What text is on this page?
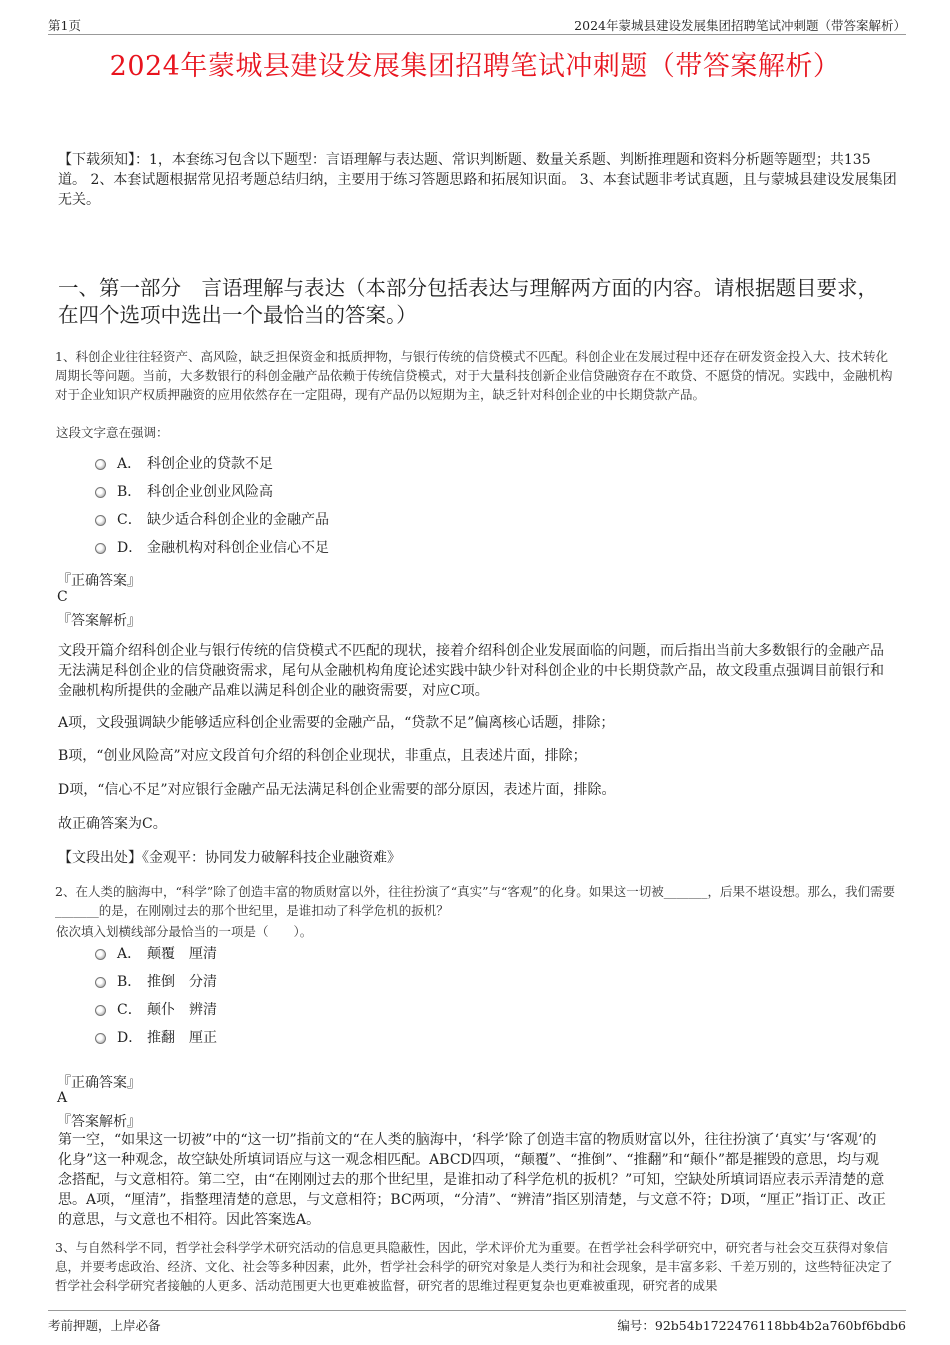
第1页	2024年蒙城县建设发展集团招聘笔试冲刺题（带答案解析）
2024年蒙城县建设发展集团招聘笔试冲刺题（带答案解析）

【下载须知】：1，本套练习包含以下题型：言语理解与表达题、常识判断题、数量关系题、判断推理题和资料分析题等题型；共135道。 2、本套试题根据常见招考题总结归纳，主要用于练习答题思路和拓展知识面。 3、本套试题非考试真题，且与蒙城县建设发展集团无关。

一、第一部分　言语理解与表达（本部分包括表达与理解两方面的内容。请根据题目要求，在四个选项中选出一个最恰当的答案。）

1、科创企业往往轻资产、高风险，缺乏担保资金和抵质押物，与银行传统的信贷模式不匹配。科创企业在发展过程中还存在研发资金投入大、技术转化周期长等问题。当前，大多数银行的科创金融产品依赖于传统信贷模式，对于大量科技创新企业信贷融资存在不敢贷、不愿贷的情况。实践中，金融机构对于企业知识产权质押融资的应用依然存在一定阻碍，现有产品仍以短期为主，缺乏针对科创企业的中长期贷款产品。

这段文字意在强调：
A． 科创企业的贷款不足
B． 科创企业创业风险高
C． 缺少适合科创企业的金融产品
D． 金融机构对科创企业信心不足
『正确答案』
C
『答案解析』

文段开篇介绍科创企业与银行传统的信贷模式不匹配的现状，接着介绍科创企业发展面临的问题，而后指出当前大多数银行的金融产品无法满足科创企业的信贷融资需求，尾句从金融机构角度论述实践中缺少针对科创企业的中长期贷款产品，故文段重点强调目前银行和金融机构所提供的金融产品难以满足科创企业的融资需要，对应C项。

A项，文段强调缺少能够适应科创企业需要的金融产品，“贷款不足”偏离核心话题，排除；

B项，“创业风险高”对应文段首句介绍的科创企业现状，非重点，且表述片面，排除；

D项，“信心不足”对应银行金融产品无法满足科创企业需要的部分原因，表述片面，排除。

故正确答案为C。

【文段出处】《金观平：协同发力破解科技企业融资难》

2、在人类的脑海中，“科学”除了创造丰富的物质财富以外，往往扮演了“真实”与“客观”的化身。如果这一切被_______，后果不堪设想。那么，我们需要_______的是，在刚刚过去的那个世纪里，是谁扣动了科学危机的扳机？

依次填入划横线部分最恰当的一项是（　　）。
A． 颠覆　厘清
B． 推倒　分清
C． 颠仆　辨清
D． 推翻　厘正
『正确答案』
A
『答案解析』

第一空，“如果这一切被”中的“这一切”指前文的“在人类的脑海中，‘科学’除了创造丰富的物质财富以外，往往扮演了‘真实’与‘客观’的化身”这一种观念，故空缺处所填词语应与这一观念相匹配。ABCD四项，“颠覆”、“推倒”、“推翻”和“颠仆”都是摧毁的意思，均与观念搭配，与文意相符。第二空，由“在刚刚过去的那个世纪里，是谁扣动了科学危机的扳机？”可知，空缺处所填词语应表示弄清楚的意思。A项，“厘清”，指整理清楚的意思，与文意相符；BC两项，“分清”、“辨清”指区别清楚，与文意不符；D项，“厘正”指订正、改正的意思，与文意也不相符。因此答案选A。

3、与自然科学不同，哲学社会科学学术研究活动的信息更具隐蔽性，因此，学术评价尤为重要。在哲学社会科学研究中，研究者与社会交互获得对象信息，并要考虑政治、经济、文化、社会等多种因素，此外，哲学社会科学的研究对象是人类行为和社会现象，是丰富多彩、千差万别的，这些特征决定了哲学社会科学研究者接触的人更多、活动范围更大也更难被监督，研究者的思维过程更复杂也更难被重现，研究者的成果

考前押题，上岸必备	编号：92b54b1722476118bb4b2a760bf6bdb6
